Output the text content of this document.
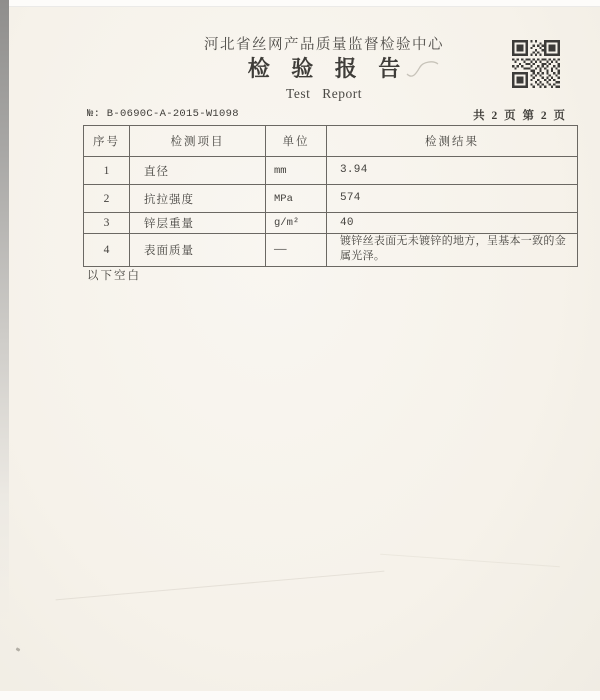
河北省丝网产品质量监督检验中心
检 验 报 告
Test Report
№: B-0690C-A-2015-W1098	共 2 页 第 2 页
序号	检测项目	单位	检测结果
1	直径	mm	3.94
2	抗拉强度	MPa	574
3	锌层重量	g/m²	40
4	表面质量	——	镀锌丝表面无未镀锌的地方，呈基本一致的金属光泽。
以下空白
